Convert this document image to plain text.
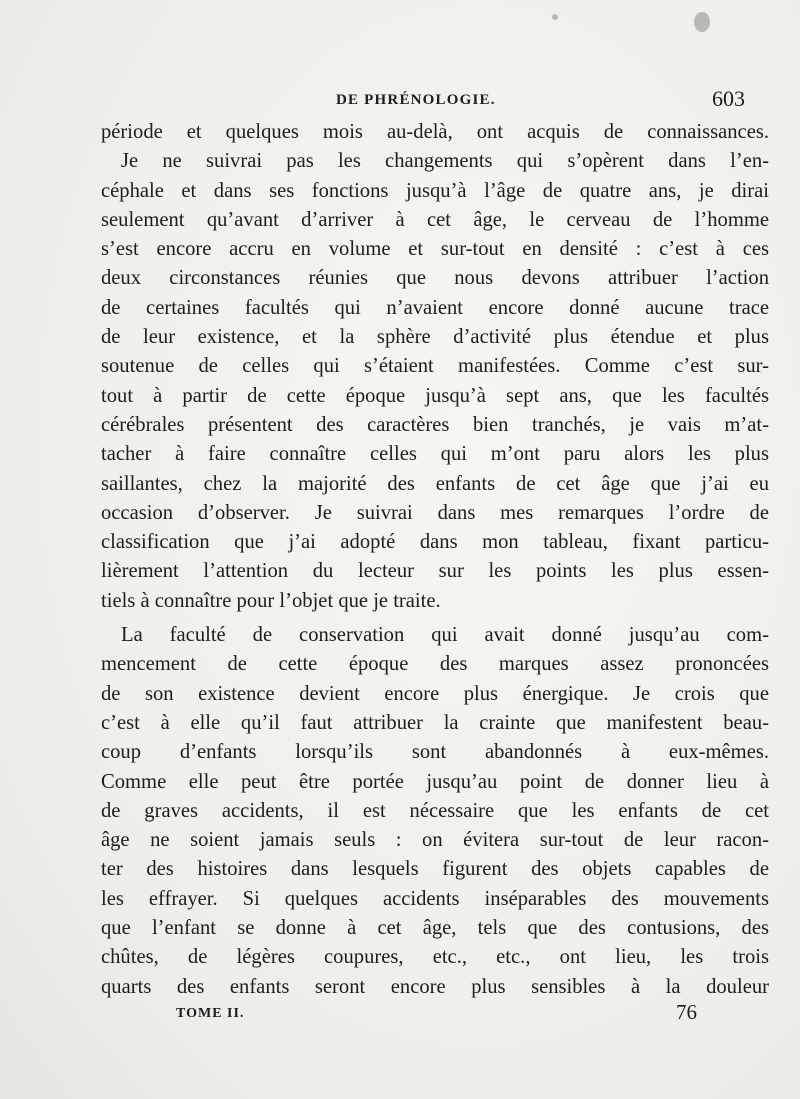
DE PHRÉNOLOGIE.	603
période et quelques mois au-delà, ont acquis de connaissances.
Je ne suivrai pas les changements qui s’opèrent dans l’en-
céphale et dans ses fonctions jusqu’à l’âge de quatre ans, je dirai
seulement qu’avant d’arriver à cet âge, le cerveau de l’homme
s’est encore accru en volume et sur-tout en densité : c’est à ces
deux circonstances réunies que nous devons attribuer l’action
de certaines facultés qui n’avaient encore donné aucune trace
de leur existence, et la sphère d’activité plus étendue et plus
soutenue de celles qui s’étaient manifestées. Comme c’est sur-
tout à partir de cette époque jusqu’à sept ans, que les facultés
cérébrales présentent des caractères bien tranchés, je vais m’at-
tacher à faire connaître celles qui m’ont paru alors les plus
saillantes, chez la majorité des enfants de cet âge que j’ai eu
occasion d’observer. Je suivrai dans mes remarques l’ordre de
classification que j’ai adopté dans mon tableau, fixant particu-
lièrement l’attention du lecteur sur les points les plus essen-
tiels à connaître pour l’objet que je traite.
La faculté de conservation qui avait donné jusqu’au com-
mencement de cette époque des marques assez prononcées
de son existence devient encore plus énergique. Je crois que
c’est à elle qu’il faut attribuer la crainte que manifestent beau-
coup d’enfants lorsqu’ils sont abandonnés à eux-mêmes.
Comme elle peut être portée jusqu’au point de donner lieu à
de graves accidents, il est nécessaire que les enfants de cet
âge ne soient jamais seuls : on évitera sur-tout de leur racon-
ter des histoires dans lesquels figurent des objets capables de
les effrayer. Si quelques accidents inséparables des mouvements
que l’enfant se donne à cet âge, tels que des contusions, des
chûtes, de légères coupures, etc., etc., ont lieu, les trois
quarts des enfants seront encore plus sensibles à la douleur
TOME II.	76
